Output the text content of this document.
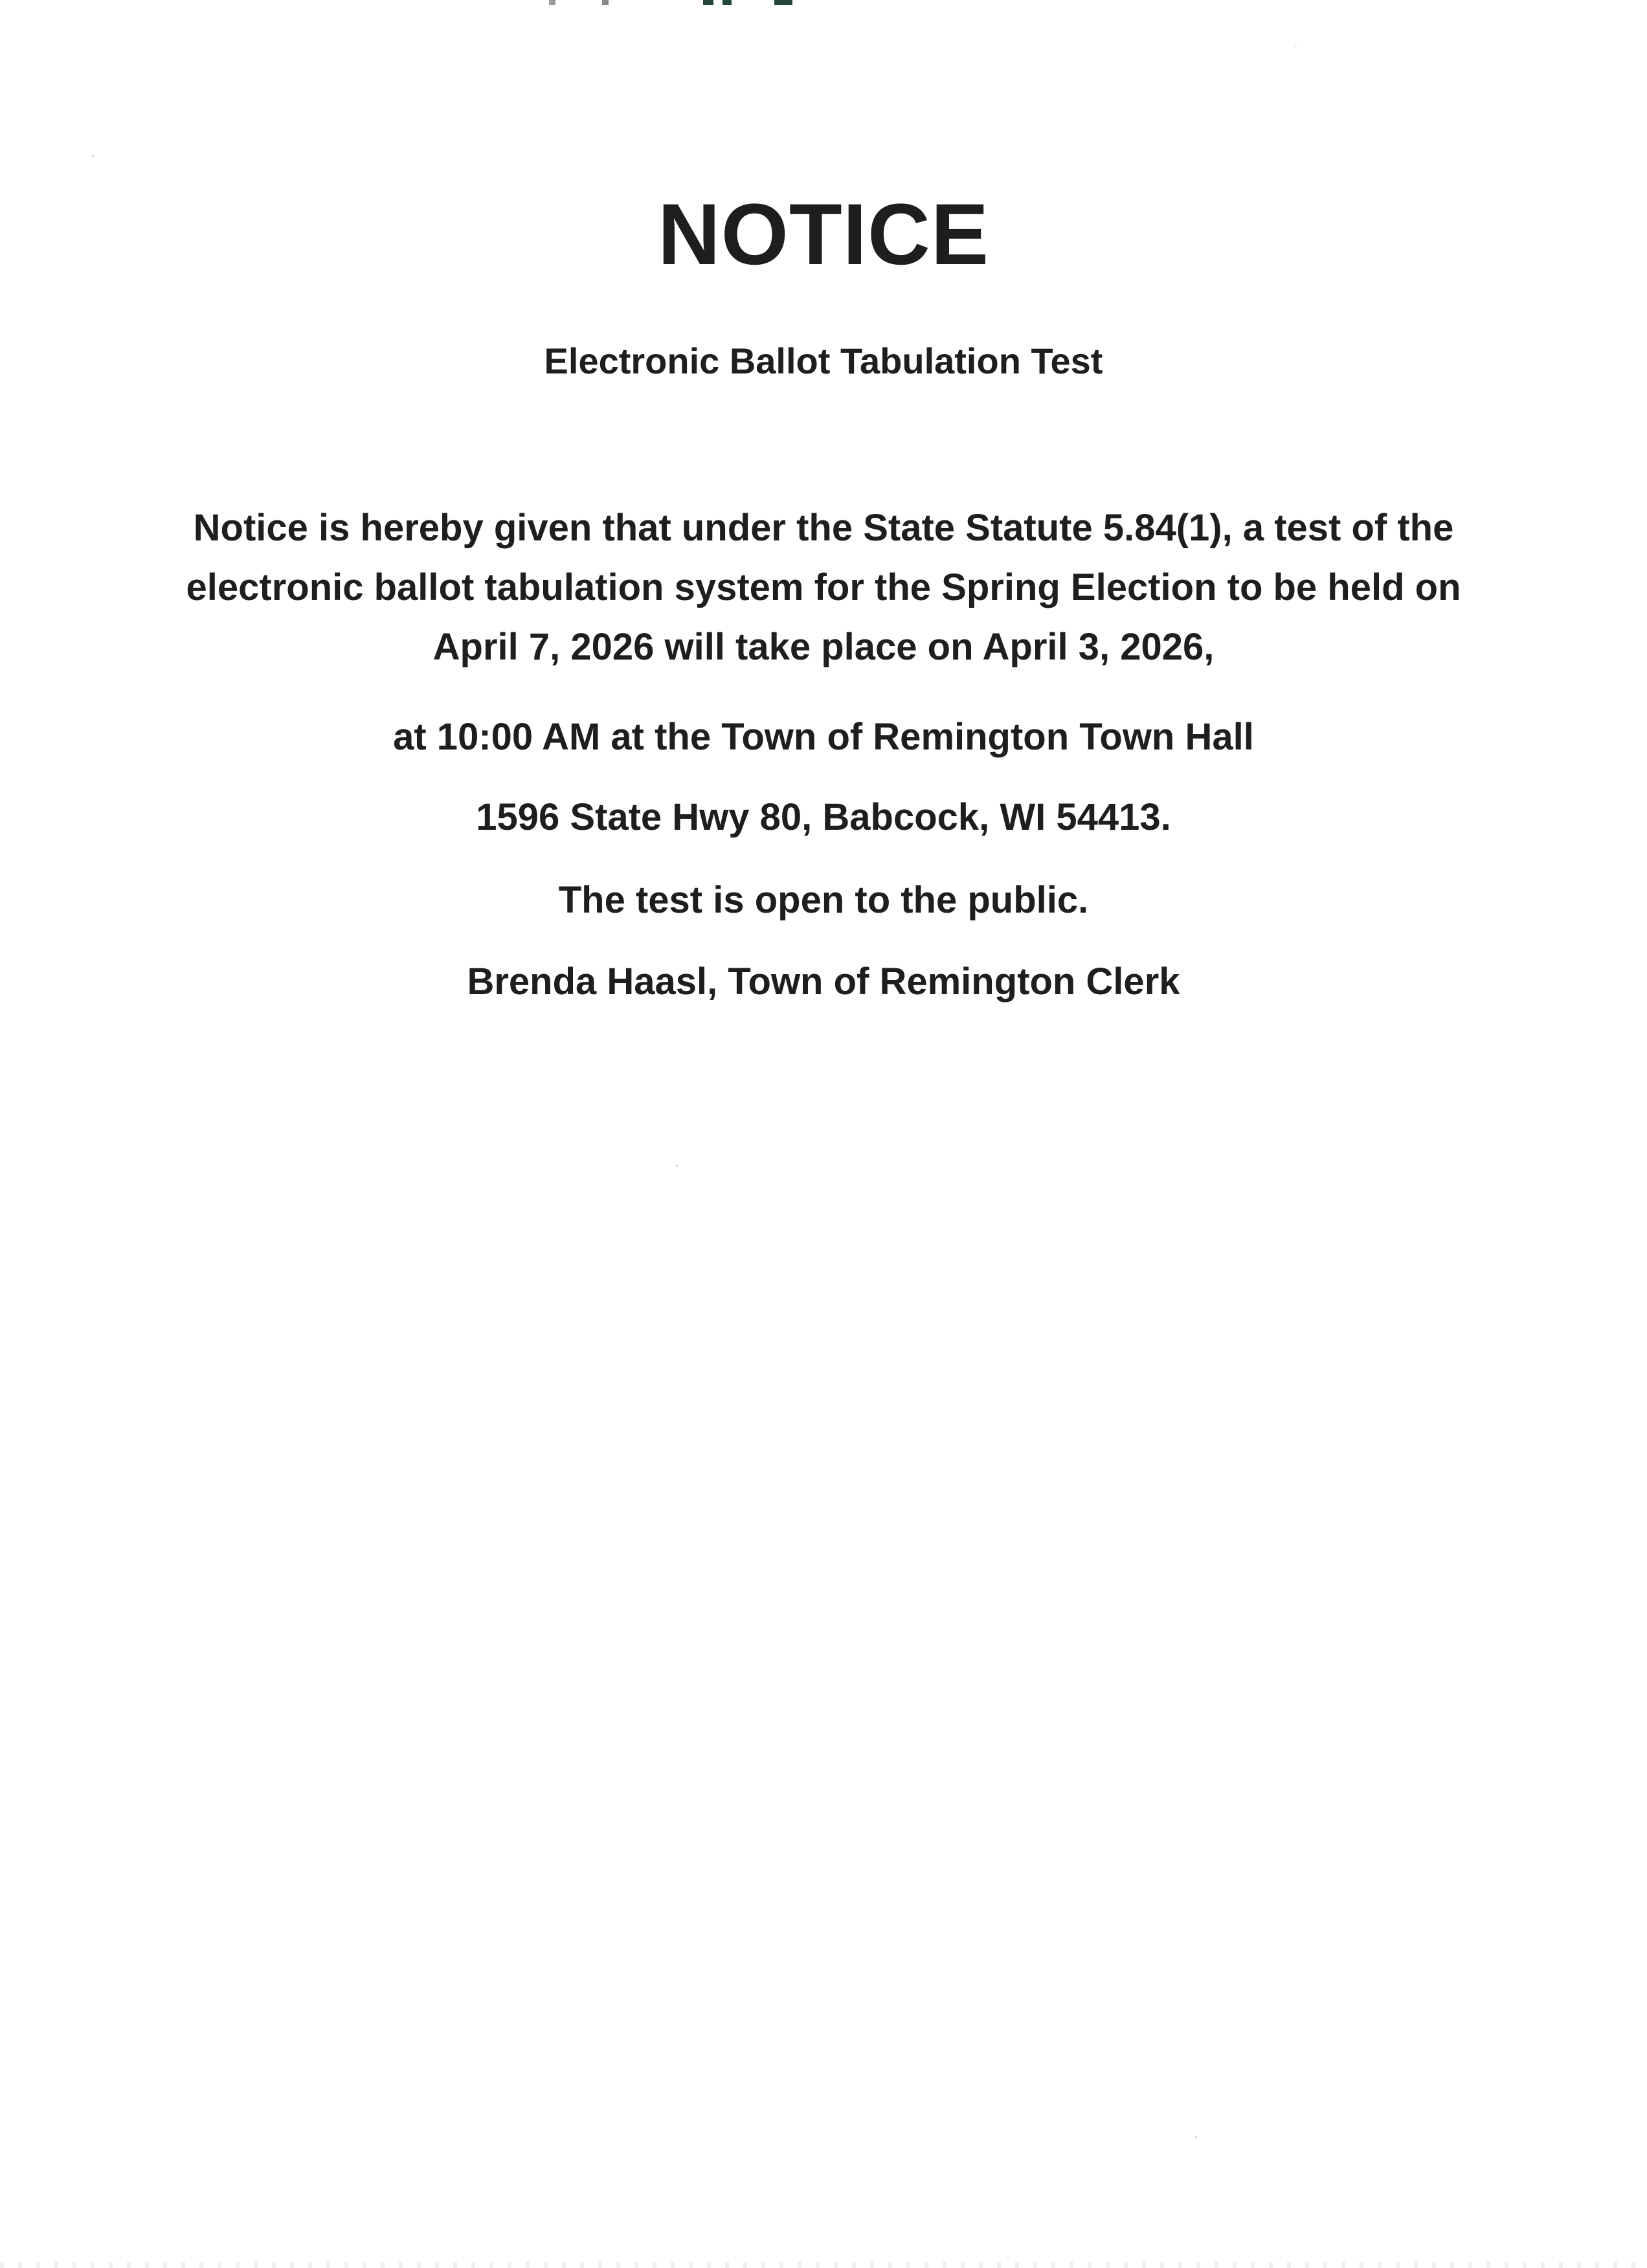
NOTICE
Electronic Ballot Tabulation Test
Notice is hereby given that under the State Statute 5.84(1), a test of the electronic ballot tabulation system for the Spring Election to be held on April 7, 2026 will take place on April 3, 2026,
at 10:00 AM at the Town of Remington Town Hall
1596 State Hwy 80, Babcock, WI 54413.
The test is open to the public.
Brenda Haasl, Town of Remington Clerk
